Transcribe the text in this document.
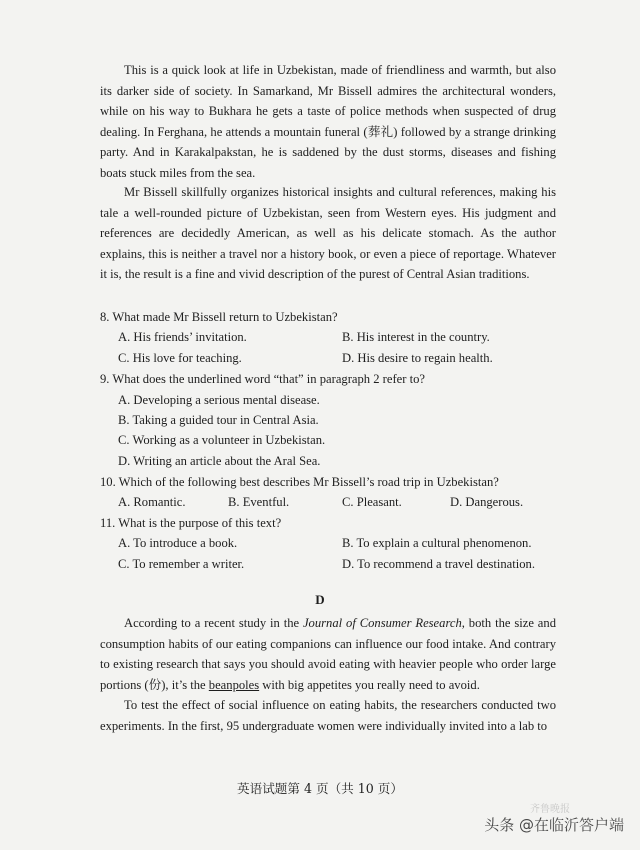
This is a quick look at life in Uzbekistan, made of friendliness and warmth, but also its darker side of society. In Samarkand, Mr Bissell admires the architectural wonders, while on his way to Bukhara he gets a taste of police methods when suspected of drug dealing. In Ferghana, he attends a mountain funeral (葬礼) followed by a strange drinking party. And in Karakalpakstan, he is saddened by the dust storms, diseases and fishing boats stuck miles from the sea.

Mr Bissell skillfully organizes historical insights and cultural references, making his tale a well-rounded picture of Uzbekistan, seen from Western eyes. His judgment and references are decidedly American, as well as his delicate stomach. As the author explains, this is neither a travel nor a history book, or even a piece of reportage. Whatever it is, the result is a fine and vivid description of the purest of Central Asian traditions.

8. What made Mr Bissell return to Uzbekistan?
A. His friends’ invitation.	B. His interest in the country.
C. His love for teaching.	D. His desire to regain health.
9. What does the underlined word “that” in paragraph 2 refer to?
A. Developing a serious mental disease.
B. Taking a guided tour in Central Asia.
C. Working as a volunteer in Uzbekistan.
D. Writing an article about the Aral Sea.
10. Which of the following best describes Mr Bissell’s road trip in Uzbekistan?
A. Romantic.	B. Eventful.	C. Pleasant.	D. Dangerous.
11. What is the purpose of this text?
A. To introduce a book.	B. To explain a cultural phenomenon.
C. To remember a writer.	D. To recommend a travel destination.
D

According to a recent study in the Journal of Consumer Research, both the size and consumption habits of our eating companions can influence our food intake. And contrary to existing research that says you should avoid eating with heavier people who order large portions (份), it’s the beanpoles with big appetites you really need to avoid.

To test the effect of social influence on eating habits, the researchers conducted two experiments. In the first, 95 undergraduate women were individually invited into a lab to

英语试题第 4 页（共 10 页）
齐鲁晚报
头条 @在临沂答户端
